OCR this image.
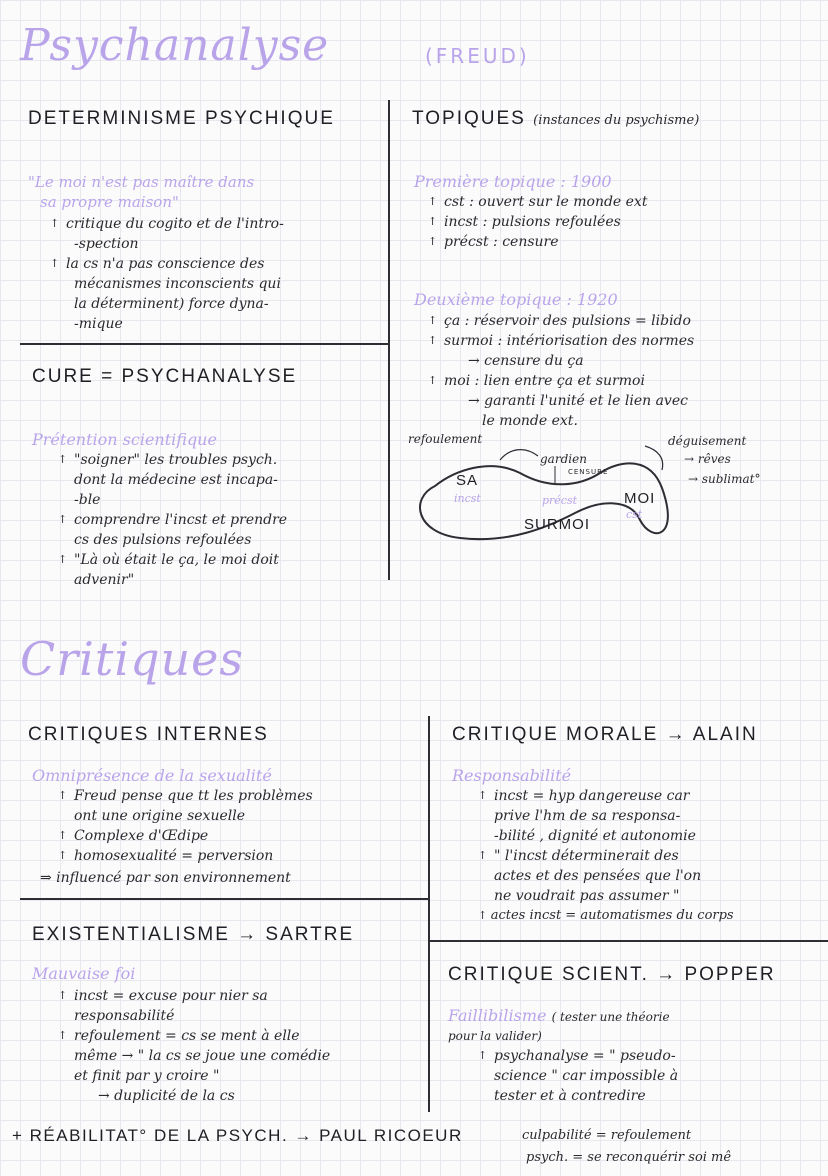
Psychanalyse	(FREUD)
DETERMINISME PSYCHIQUE
"Le moi n'est pas maître dans
sa propre maison"
↑ critique du cogito et de l'intro-
-spection
↑ la cs n'a pas conscience des
mécanismes inconscients qui
la déterminent) force dyna-
-mique
TOPIQUES (instances du psychisme)
Première topique : 1900
↑ cst : ouvert sur le monde ext
↑ incst : pulsions refoulées
↑ précst : censure
Deuxième topique : 1920
↑ ça : réservoir des pulsions = libido
↑ surmoi : intériorisation des normes
→ censure du ça
↑ moi : lien entre ça et surmoi
→ garanti l'unité et le lien avec
le monde ext.
refoulement
gardien
CENSURE
déguisement
→ rêves
→ sublimat°
SA
incst	précst	MOI
cst
SURMOI
CURE = PSYCHANALYSE
Prétention scientifique
↑ "soigner" les troubles psych.
dont la médecine est incapa-
-ble
↑ comprendre l'incst et prendre
cs des pulsions refoulées
↑ "Là où était le ça, le moi doit
advenir"
Critiques
CRITIQUES INTERNES
Omniprésence de la sexualité
↑ Freud pense que tt les problèmes
ont une origine sexuelle
↑ Complexe d'Œdipe
↑ homosexualité = perversion
⇒ influencé par son environnement
CRITIQUE MORALE → ALAIN
Responsabilité
↑ incst = hyp dangereuse car
prive l'hm de sa responsa-
-bilité , dignité et autonomie
↑ " l'incst déterminerait des
actes et des pensées que l'on
ne voudrait pas assumer "
↑ actes incst = automatismes du corps
EXISTENTIALISME → SARTRE
Mauvaise foi
↑ incst = excuse pour nier sa
responsabilité
↑ refoulement = cs se ment à elle
même → " la cs se joue une comédie
et finit par y croire "
→ duplicité de la cs
CRITIQUE SCIENT. → POPPER
Faillibilisme ( tester une théorie
pour la valider)
↑ psychanalyse = " pseudo-
science " car impossible à
tester et à contredire
+ RÉABILITAT° DE LA PSYCH. → PAUL RICOEUR	culpabilité = refoulement
psych. = se reconquérir soi mê
